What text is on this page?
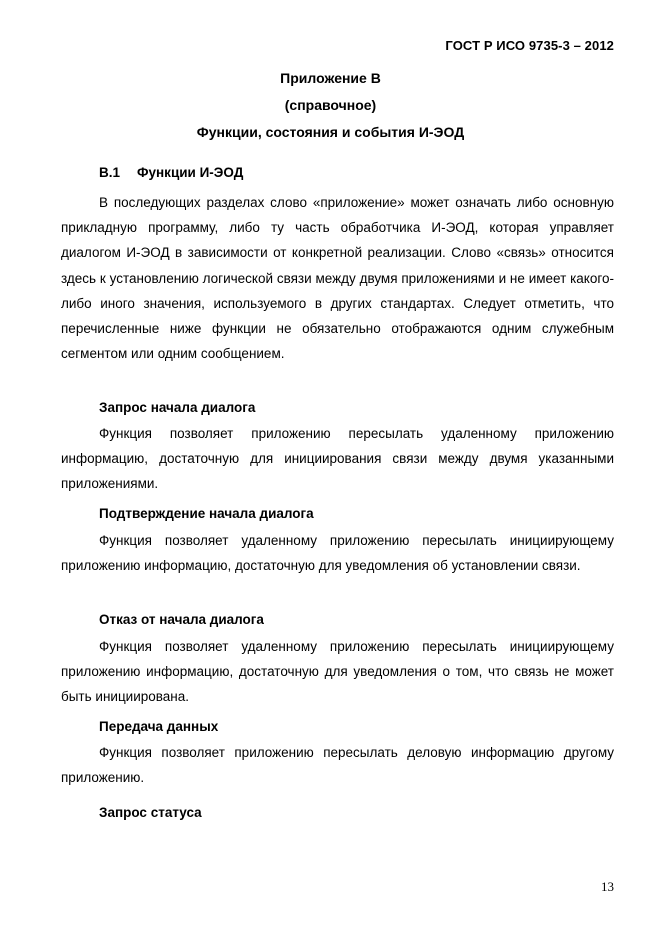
ГОСТ Р ИСО 9735-3 – 2012
Приложение В
(справочное)
Функции, состояния и события И-ЭОД
В.1 Функции И-ЭОД

В последующих разделах слово «приложение» может означать либо основную прикладную программу, либо ту часть обработчика И-ЭОД, которая управляет диалогом И-ЭОД в зависимости от конкретной реализации. Слово «связь» относится здесь к установлению логической связи между двумя приложениями и не имеет какого-либо иного значения, используемого в других стандартах. Следует отметить, что перечисленные ниже функции не обязательно отображаются одним служебным сегментом или одним сообщением.

Запрос начала диалога

Функция позволяет приложению пересылать удаленному приложению информацию, достаточную для инициирования связи между двумя указанными приложениями.

Подтверждение начала диалога

Функция позволяет удаленному приложению пересылать инициирующему приложению информацию, достаточную для уведомления об установлении связи.

Отказ от начала диалога

Функция позволяет удаленному приложению пересылать инициирующему приложению информацию, достаточную для уведомления о том, что связь не может быть инициирована.

Передача данных

Функция позволяет приложению пересылать деловую информацию другому приложению.

Запрос статуса
13
